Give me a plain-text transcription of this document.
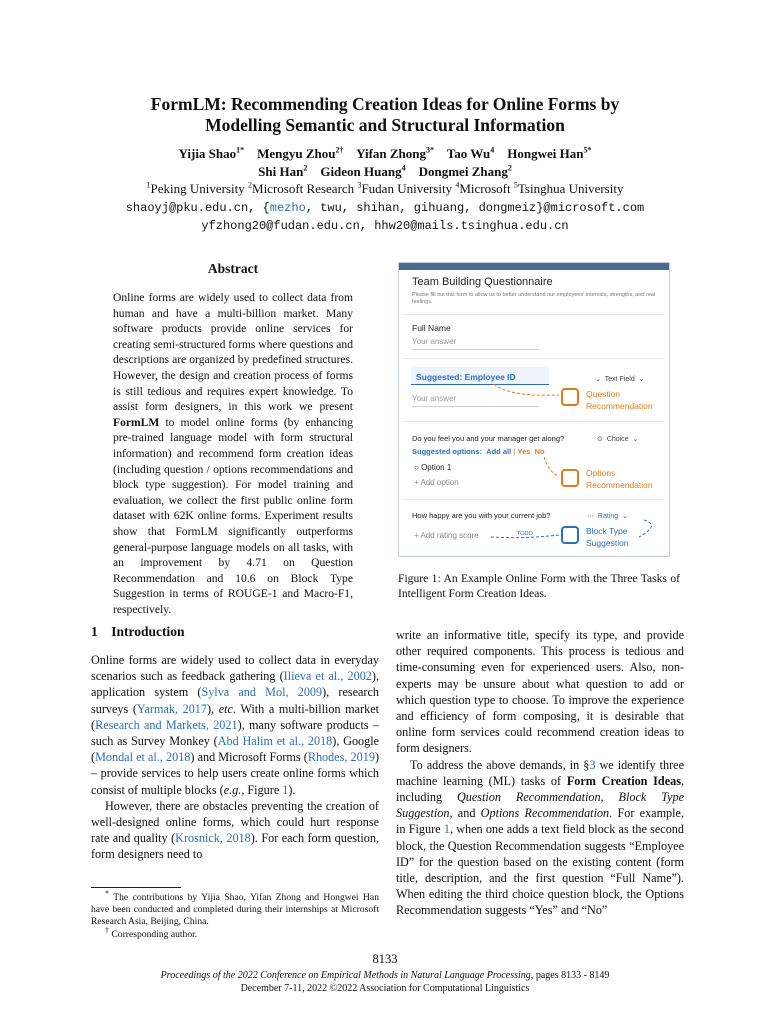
FormLM: Recommending Creation Ideas for Online Forms by
Modelling Semantic and Structural Information
Yijia Shao$^{1*}$ Mengyu Zhou$^{2\dagger}$ Yifan Zhong$^{3*}$ Tao Wu$^4$ Hongwei Han$^{5*}$
Shi Han$^2$ Gideon Huang$^4$ Dongmei Zhang$^2$
$^1$Peking University $^2$Microsoft Research $^3$Fudan University $^4$Microsoft $^5$Tsinghua University
shaoyj@pku.edu.cn, {mezho, twu, shihan, gihuang, dongmeiz}@microsoft.com
yfzhong20@fudan.edu.cn, hhw20@mails.tsinghua.edu.cn
Abstract
Online forms are widely used to collect data from human and have a multi-billion market. Many software products provide online services for creating semi-structured forms where questions and descriptions are organized by predefined structures. However, the design and creation process of forms is still tedious and requires expert knowledge. To assist form designers, in this work we present FormLM to model online forms (by enhancing pre-trained language model with form structural information) and recommend form creation ideas (including question / options recommendations and block type suggestion). For model training and evaluation, we collect the first public online form dataset with 62K online forms. Experiment results show that FormLM significantly outperforms general-purpose language models on all tasks, with an improvement by 4.71 on Question Recommendation and 10.6 on Block Type Suggestion in terms of ROUGE-1 and Macro-F1, respectively.
1 Introduction

Online forms are widely used to collect data in everyday scenarios such as feedback gathering (Ilieva et al., 2002), application system (Sylva and Mol, 2009), research surveys (Yarmak, 2017), etc. With a multi-billion market (Research and Markets, 2021), many software products – such as Survey Monkey (Abd Halim et al., 2018), Google (Mondal et al., 2018) and Microsoft Forms (Rhodes, 2019) – provide services to help users create online forms which consist of multiple blocks (e.g., Figure 1).

However, there are obstacles preventing the creation of well-designed online forms, which could hurt response rate and quality (Krosnick, 2018). For each form question, form designers need to

* The contributions by Yijia Shao, Yifan Zhong and Hongwei Han have been conducted and completed during their internships at Microsoft Research Asia, Beijing, China.
† Corresponding author.

write an informative title, specify its type, and provide other required components. This process is tedious and time-consuming even for experienced users. Also, non-experts may be unsure about what question to add or which question type to choose. To improve the experience and efficiency of form composing, it is desirable that online form services could recommend creation ideas to form designers.

To address the above demands, in §3 we identify three machine learning (ML) tasks of Form Creation Ideas, including Question Recommendation, Block Type Suggestion, and Options Recommendation. For example, in Figure 1, when one adds a text field block as the second block, the Question Recommendation suggests “Employee ID” for the question based on the existing content (form title, description, and the first question “Full Name”). When editing the third choice question block, the Options Recommendation suggests “Yes” and “No”

Team Building Questionnaire
Please fill out this form to allow us to better understand our employees' interests, strengths, and real feelings.
Full Name
Your answer
Suggested: Employee ID	⌄  Text Field  ⌄
Your answer	Question
Recommendation
Do you feel you and your manager get along?	⊙  Choice  ⌄
Suggested options: Add all | Yes No
○ Option 1
+ Add option
Options
Recommendation
How happy are you with your current job?	⋯ Rating ⌄
+ Add rating score	TODO	Block Type
Suggestion
Figure 1: An Example Online Form with the Three Tasks of Intelligent Form Creation Ideas.
8133
Proceedings of the 2022 Conference on Empirical Methods in Natural Language Processing, pages 8133 - 8149
December 7-11, 2022 ©2022 Association for Computational Linguistics
